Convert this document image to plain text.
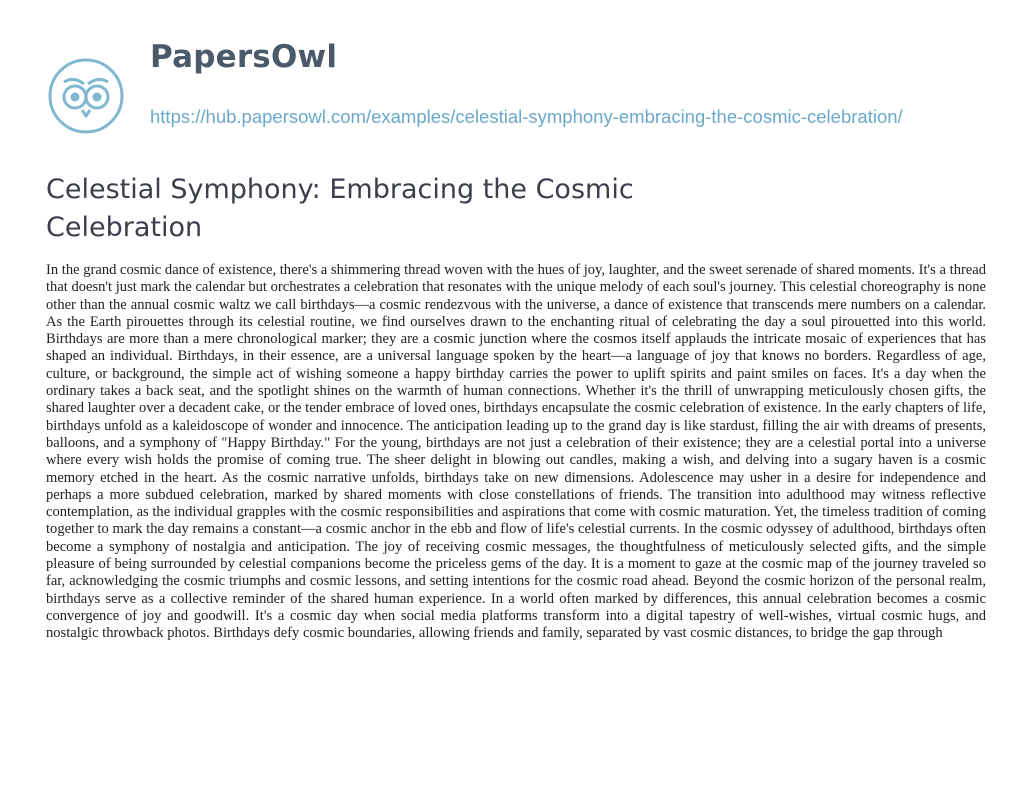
PapersOwl
https://hub.papersowl.com/examples/celestial-symphony-embracing-the-cosmic-celebration/
Celestial Symphony: Embracing the Cosmic Celebration

In the grand cosmic dance of existence, there's a shimmering thread woven with the hues of joy, laughter, and the sweet serenade of shared moments. It's a thread that doesn't just mark the calendar but orchestrates a celebration that resonates with the unique melody of each soul's journey. This celestial choreography is none other than the annual cosmic waltz we call birthdays—a cosmic rendezvous with the universe, a dance of existence that transcends mere numbers on a calendar. As the Earth pirouettes through its celestial routine, we find ourselves drawn to the enchanting ritual of celebrating the day a soul pirouetted into this world. Birthdays are more than a mere chronological marker; they are a cosmic junction where the cosmos itself applauds the intricate mosaic of experiences that has shaped an individual. Birthdays, in their essence, are a universal language spoken by the heart—a language of joy that knows no borders. Regardless of age, culture, or background, the simple act of wishing someone a happy birthday carries the power to uplift spirits and paint smiles on faces. It's a day when the ordinary takes a back seat, and the spotlight shines on the warmth of human connections. Whether it's the thrill of unwrapping meticulously chosen gifts, the shared laughter over a decadent cake, or the tender embrace of loved ones, birthdays encapsulate the cosmic celebration of existence. In the early chapters of life, birthdays unfold as a kaleidoscope of wonder and innocence. The anticipation leading up to the grand day is like stardust, filling the air with dreams of presents, balloons, and a symphony of "Happy Birthday." For the young, birthdays are not just a celebration of their existence; they are a celestial portal into a universe where every wish holds the promise of coming true. The sheer delight in blowing out candles, making a wish, and delving into a sugary haven is a cosmic memory etched in the heart. As the cosmic narrative unfolds, birthdays take on new dimensions. Adolescence may usher in a desire for independence and perhaps a more subdued celebration, marked by shared moments with close constellations of friends. The transition into adulthood may witness reflective contemplation, as the individual grapples with the cosmic responsibilities and aspirations that come with cosmic maturation. Yet, the timeless tradition of coming together to mark the day remains a constant—a cosmic anchor in the ebb and flow of life's celestial currents. In the cosmic odyssey of adulthood, birthdays often become a symphony of nostalgia and anticipation. The joy of receiving cosmic messages, the thoughtfulness of meticulously selected gifts, and the simple pleasure of being surrounded by celestial companions become the priceless gems of the day. It is a moment to gaze at the cosmic map of the journey traveled so far, acknowledging the cosmic triumphs and cosmic lessons, and setting intentions for the cosmic road ahead. Beyond the cosmic horizon of the personal realm, birthdays serve as a collective reminder of the shared human experience. In a world often marked by differences, this annual celebration becomes a cosmic convergence of joy and goodwill. It's a cosmic day when social media platforms transform into a digital tapestry of well-wishes, virtual cosmic hugs, and nostalgic throwback photos. Birthdays defy cosmic boundaries, allowing friends and family, separated by vast cosmic distances, to bridge the gap through
